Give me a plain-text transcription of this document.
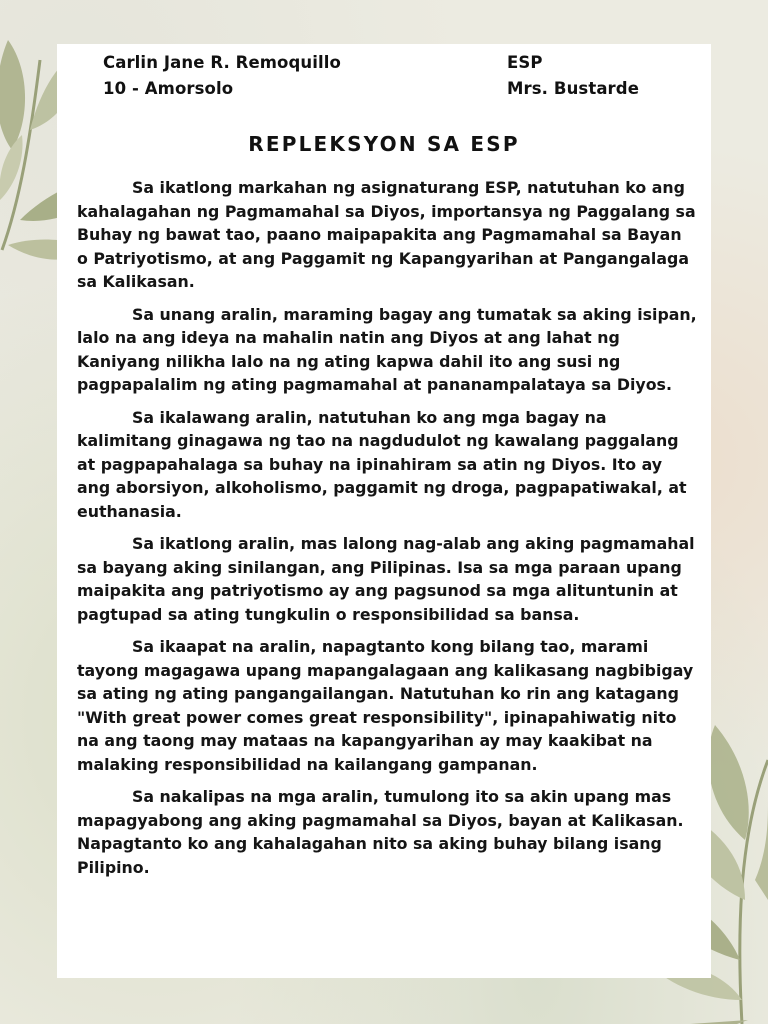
Carlin Jane R. Remoquillo	ESP
10 - Amorsolo	Mrs. Bustarde
REPLEKSYON SA ESP

Sa ikatlong markahan ng asignaturang ESP, natutuhan ko ang kahalagahan ng Pagmamahal sa Diyos, importansya ng Paggalang sa Buhay ng bawat tao, paano maipapakita ang Pagmamahal sa Bayan o Patriyotismo, at ang Paggamit ng Kapangyarihan at Pangangalaga sa Kalikasan.

Sa unang aralin, maraming bagay ang tumatak sa aking isipan, lalo na ang ideya na mahalin natin ang Diyos at ang lahat ng Kaniyang nilikha lalo na ng ating kapwa dahil ito ang susi ng pagpapalalim ng ating pagmamahal at pananampalataya sa Diyos.

Sa ikalawang aralin, natutuhan ko ang mga bagay na kalimitang ginagawa ng tao na nagdudulot ng kawalang paggalang at pagpapahalaga sa buhay na ipinahiram sa atin ng Diyos. Ito ay ang aborsiyon, alkoholismo, paggamit ng droga, pagpapatiwakal, at euthanasia.

Sa ikatlong aralin, mas lalong nag-alab ang aking pagmamahal sa bayang aking sinilangan, ang Pilipinas. Isa sa mga paraan upang maipakita ang patriyotismo ay ang pagsunod sa mga alituntunin at pagtupad sa ating tungkulin o responsibilidad sa bansa.

Sa ikaapat na aralin, napagtanto kong bilang tao, marami tayong magagawa upang mapangalagaan ang kalikasang nagbibigay sa ating ng ating pangangailangan. Natutuhan ko rin ang katagang "With great power comes great responsibility", ipinapahiwatig nito na ang taong may mataas na kapangyarihan ay may kaakibat na malaking responsibilidad na kailangang gampanan.

Sa nakalipas na mga aralin, tumulong ito sa akin upang mas mapagyabong ang aking pagmamahal sa Diyos, bayan at Kalikasan. Napagtanto ko ang kahalagahan nito sa aking buhay bilang isang Pilipino.
